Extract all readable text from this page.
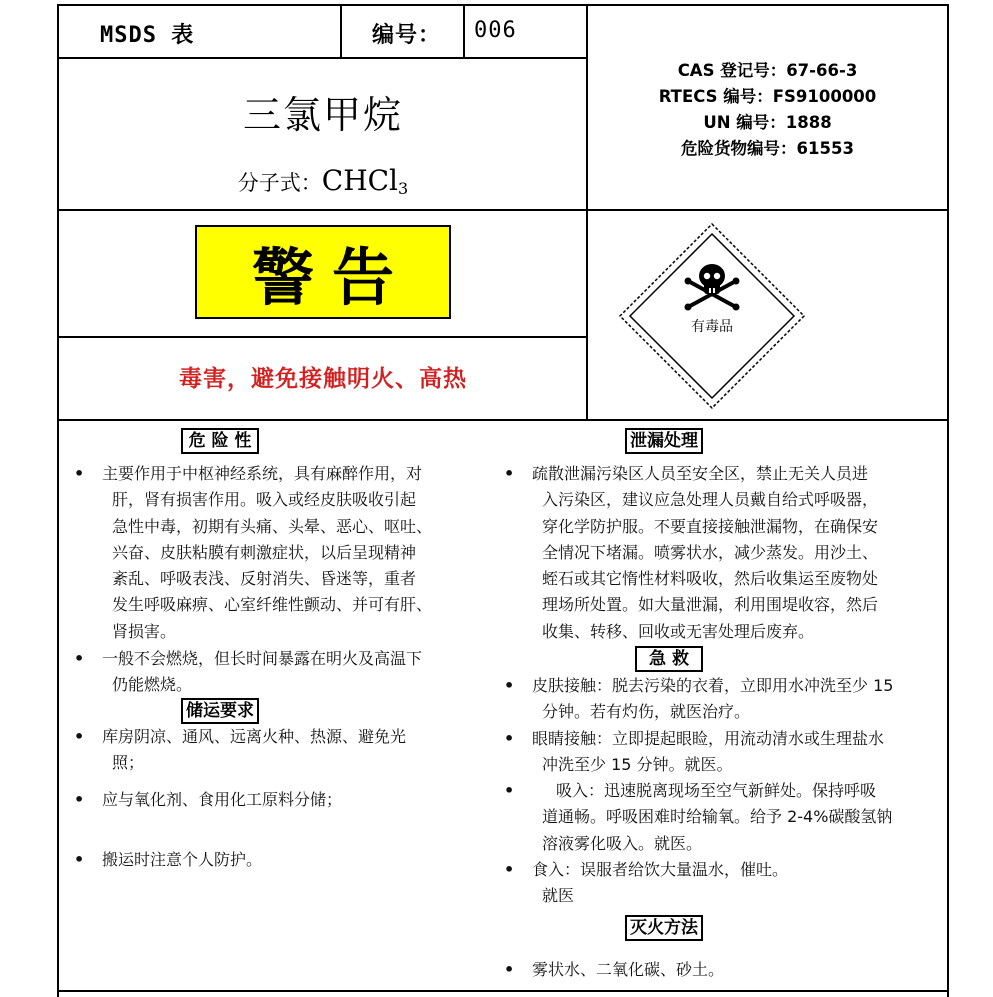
MSDS 表	编号： 006
三氯甲烷
分子式：CHCl$_3$
CAS 登记号：67-66-3
RTECS 编号：FS9100000
UN 编号：1888
危险货物编号：61553
警告
毒害，避免接触明火、高热
有毒品
危 险 性
• 主要作用于中枢神经系统，具有麻醉作用，对
肝，肾有损害作用。吸入或经皮肤吸收引起
急性中毒，初期有头痛、头晕、恶心、呕吐、
兴奋、皮肤粘膜有刺激症状，以后呈现精神
紊乱、呼吸表浅、反射消失、昏迷等，重者
发生呼吸麻痹、心室纤维性颤动、并可有肝、
肾损害。
• 一般不会燃烧，但长时间暴露在明火及高温下
仍能燃烧。
储运要求
• 库房阴凉、通风、远离火种、热源、避免光
照；
• 应与氧化剂、食用化工原料分储；
• 搬运时注意个人防护。
泄漏处理
• 疏散泄漏污染区人员至安全区，禁止无关人员进
入污染区，建议应急处理人员戴自给式呼吸器，
穿化学防护服。不要直接接触泄漏物，在确保安
全情况下堵漏。喷雾状水，减少蒸发。用沙土、
蛭石或其它惰性材料吸收，然后收集运至废物处
理场所处置。如大量泄漏，利用围堤收容，然后
收集、转移、回收或无害处理后废弃。
急 救
• 皮肤接触：脱去污染的衣着，立即用水冲洗至少 15
分钟。若有灼伤，就医治疗。
• 眼睛接触：立即提起眼睑，用流动清水或生理盐水
冲洗至少 15 分钟。就医。
•	吸入：迅速脱离现场至空气新鲜处。保持呼吸
道通畅。呼吸困难时给输氧。给予 2-4%碳酸氢钠
溶液雾化吸入。就医。
• 食入：误服者给饮大量温水，催吐。
就医
灭火方法
• 雾状水、二氧化碳、砂土。
